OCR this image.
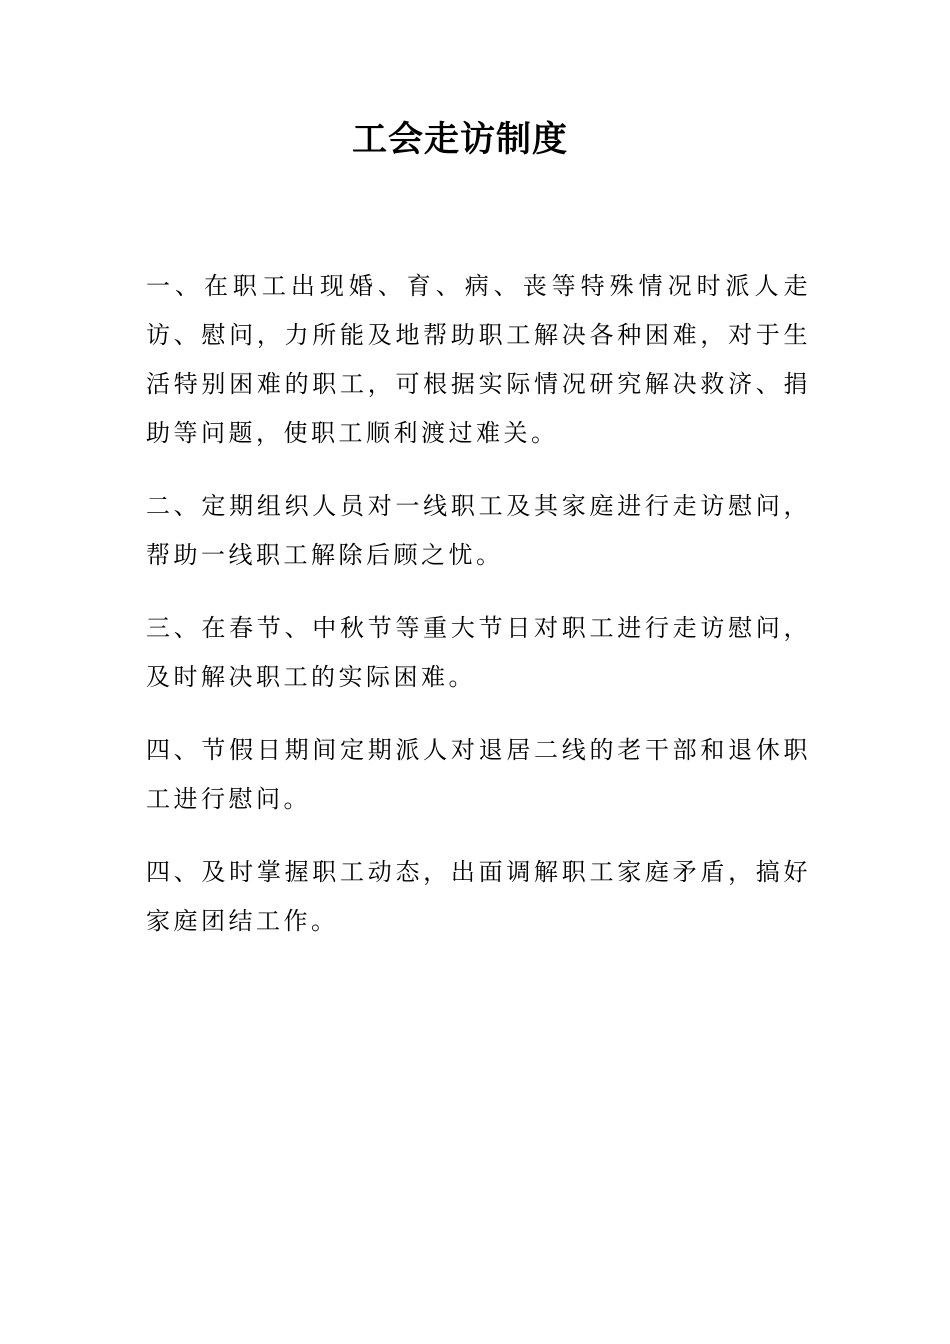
工会走访制度

一、在职工出现婚、育、病、丧等特殊情况时派人走访、慰问，力所能及地帮助职工解决各种困难，对于生活特别困难的职工，可根据实际情况研究解决救济、捐助等问题，使职工顺利渡过难关。

二、定期组织人员对一线职工及其家庭进行走访慰问，帮助一线职工解除后顾之忧。

三、在春节、中秋节等重大节日对职工进行走访慰问，及时解决职工的实际困难。

四、节假日期间定期派人对退居二线的老干部和退休职工进行慰问。

四、及时掌握职工动态，出面调解职工家庭矛盾，搞好家庭团结工作。
